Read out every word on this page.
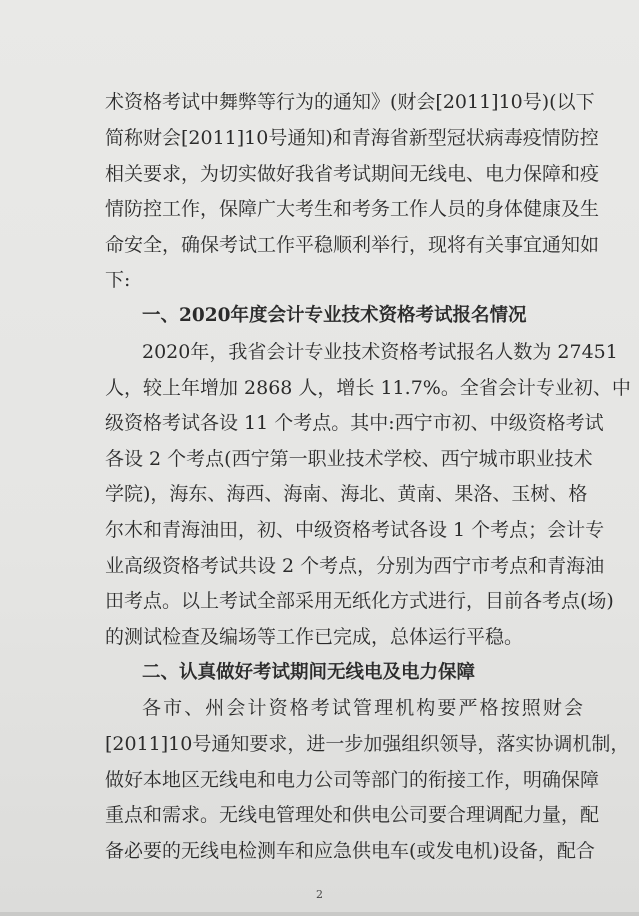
术资格考试中舞弊等行为的通知》(财会[2011]10号)(以下
简称财会[2011]10号通知)和青海省新型冠状病毒疫情防控
相关要求，为切实做好我省考试期间无线电、电力保障和疫
情防控工作，保障广大考生和考务工作人员的身体健康及生
命安全，确保考试工作平稳顺利举行，现将有关事宜通知如
下:
一、2020年度会计专业技术资格考试报名情况
2020年，我省会计专业技术资格考试报名人数为 27451
人，较上年增加 2868 人，增长 11.7%。全省会计专业初、中
级资格考试各设 11 个考点。其中:西宁市初、中级资格考试
各设 2 个考点(西宁第一职业技术学校、西宁城市职业技术
学院)，海东、海西、海南、海北、黄南、果洛、玉树、格
尔木和青海油田，初、中级资格考试各设 1 个考点；会计专
业高级资格考试共设 2 个考点，分别为西宁市考点和青海油
田考点。以上考试全部采用无纸化方式进行，目前各考点(场)
的测试检查及编场等工作已完成，总体运行平稳。
二、认真做好考试期间无线电及电力保障
各市、州会计资格考试管理机构要严格按照财会
[2011]10号通知要求，进一步加强组织领导，落实协调机制，
做好本地区无线电和电力公司等部门的衔接工作，明确保障
重点和需求。无线电管理处和供电公司要合理调配力量，配
备必要的无线电检测车和应急供电车(或发电机)设备，配合
2
